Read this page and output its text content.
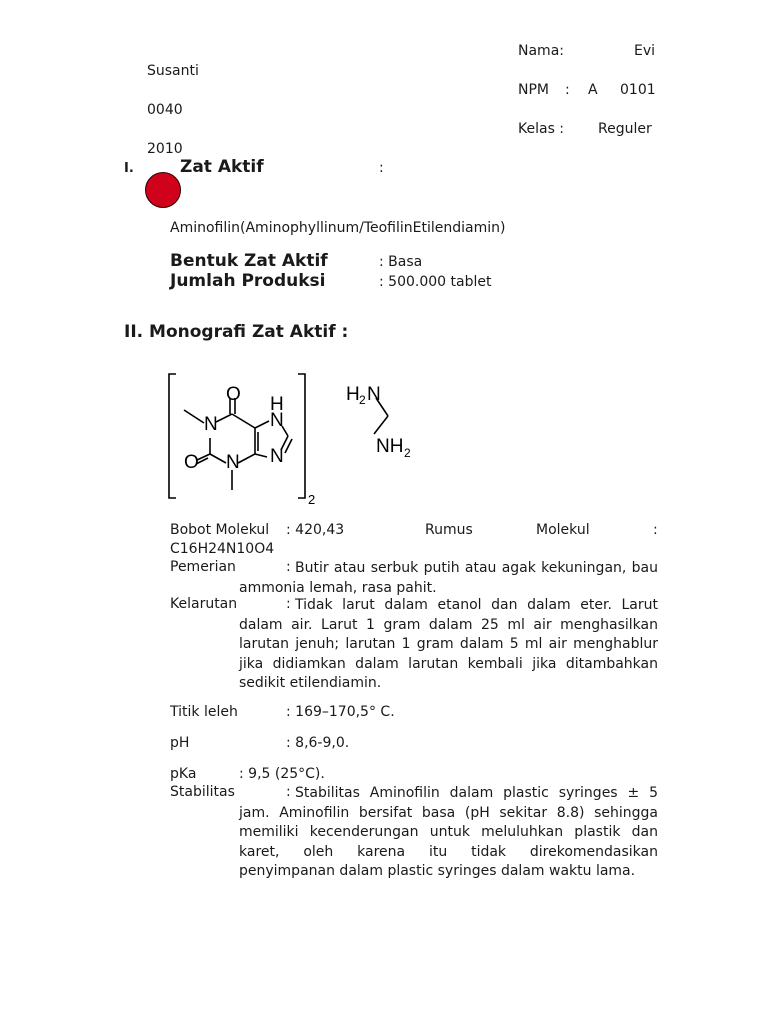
Nama:	Evi
Susanti
NPM : A 0101
0040
Kelas : Reguler
2010
I.	Zat Aktif	:
Aminofilin(Aminophyllinum/TeofilinEtilendiamin)
Bentuk Zat Aktif	: Basa
Jumlah Produksi	: 500.000 tablet
II. Monografi Zat Aktif :
O
N
O N
H
N
N
2
H 2 N
NH 2
Bobot Molekul : 420,43	Rumus	Molekul	:
C16H24N10O4
Pemerian	: Butir atau serbuk putih atau agak kekuningan, bau ammonia lemah, rasa pahit.
Kelarutan	: Tidak larut dalam etanol dan dalam eter. Larut dalam air. Larut 1 gram dalam 25 ml air menghasilkan larutan jenuh; larutan 1 gram dalam 5 ml air menghablur jika didiamkan dalam larutan kembali jika ditambahkan sedikit etilendiamin.
Titik leleh	: 169–170,5° C.
pH	: 8,6-9,0.
pKa	: 9,5 (25°C).
Stabilitas	: Stabilitas Aminofilin dalam plastic syringes ± 5 jam. Aminofilin bersifat basa (pH sekitar 8.8) sehingga memiliki kecenderungan untuk meluluhkan plastik dan karet, oleh karena itu tidak direkomendasikan penyimpanan dalam plastic syringes dalam waktu lama.
